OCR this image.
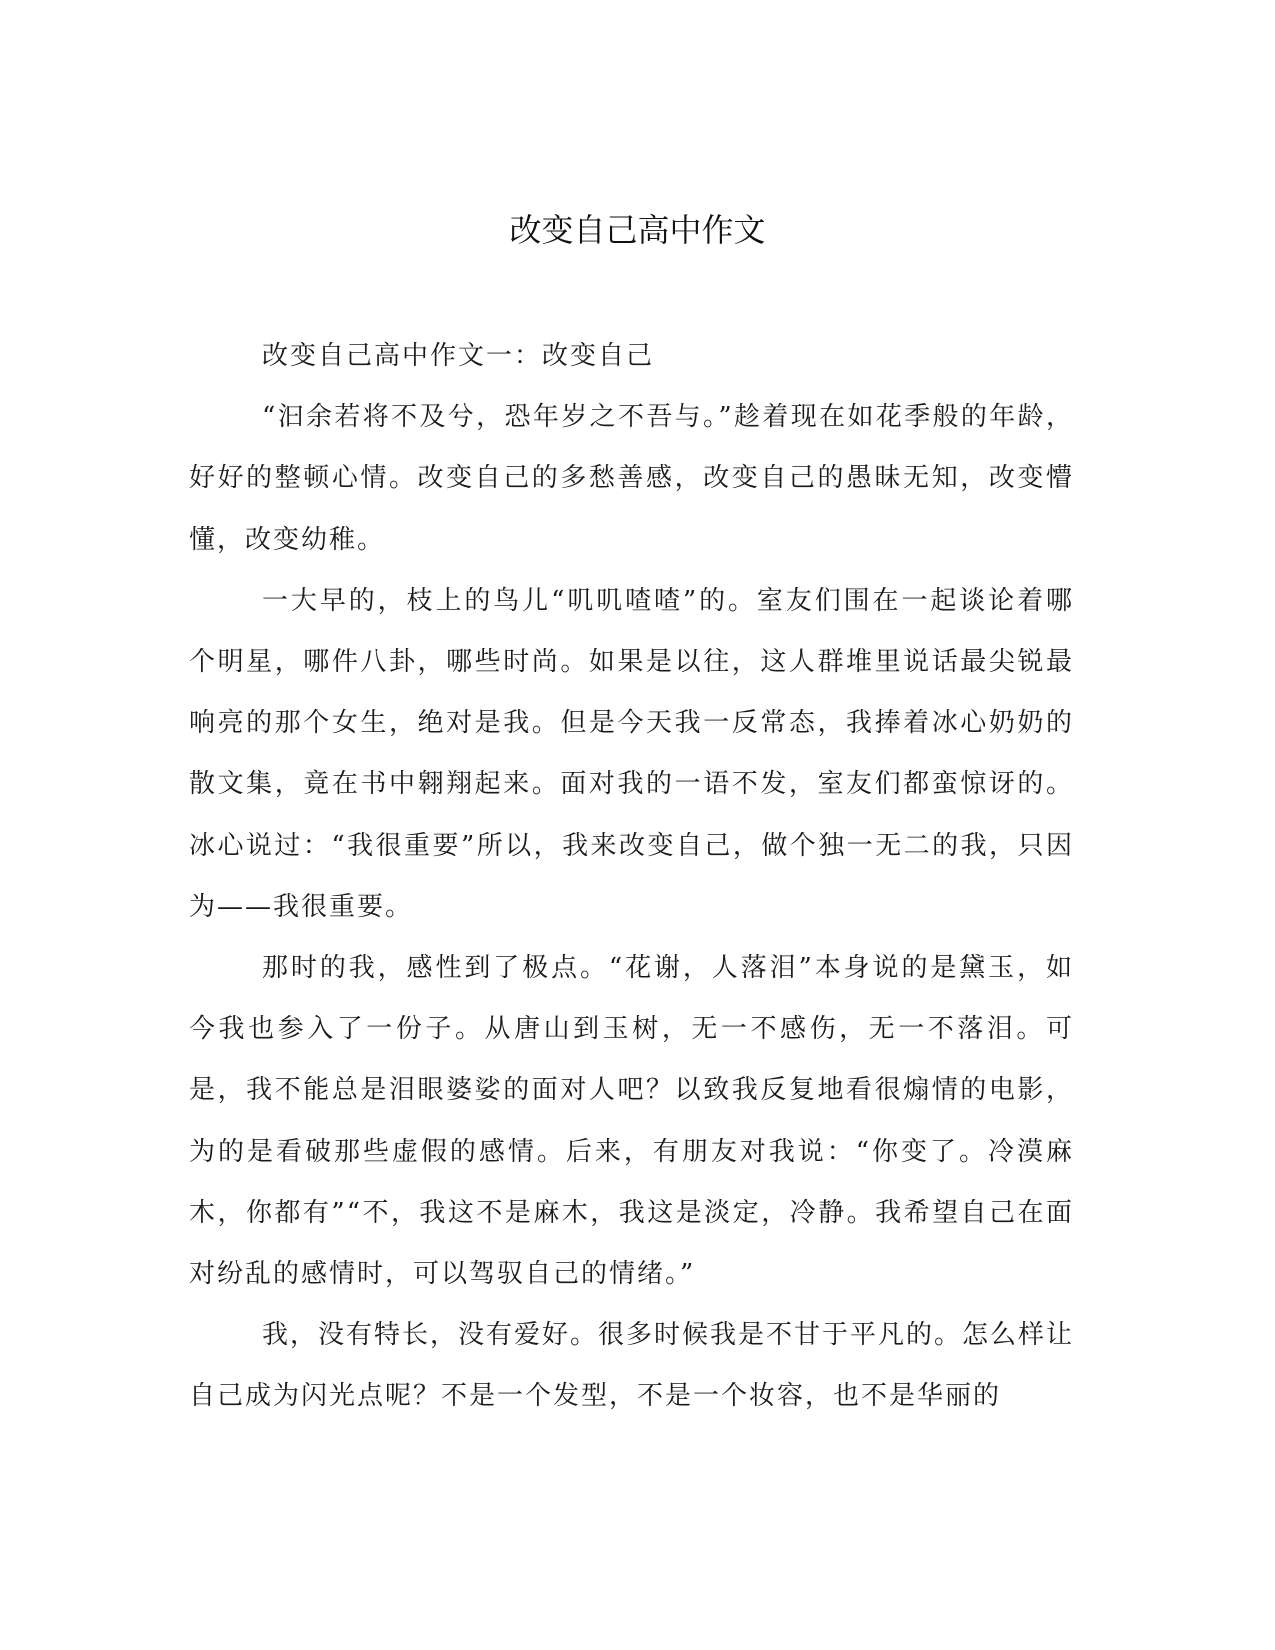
改变自己高中作文

改变自己高中作文一：改变自己

“汩余若将不及兮，恐年岁之不吾与。”趁着现在如花季般的年龄，好好的整顿心情。改变自己的多愁善感，改变自己的愚昧无知，改变懵懂，改变幼稚。

一大早的，枝上的鸟儿“叽叽喳喳”的。室友们围在一起谈论着哪个明星，哪件八卦，哪些时尚。如果是以往，这人群堆里说话最尖锐最响亮的那个女生，绝对是我。但是今天我一反常态，我捧着冰心奶奶的散文集，竟在书中翱翔起来。面对我的一语不发，室友们都蛮惊讶的。冰心说过：“我很重要”所以，我来改变自己，做个独一无二的我，只因为——我很重要。

那时的我，感性到了极点。“花谢，人落泪”本身说的是黛玉，如今我也参入了一份子。从唐山到玉树，无一不感伤，无一不落泪。可是，我不能总是泪眼婆娑的面对人吧？以致我反复地看很煽情的电影，为的是看破那些虚假的感情。后来，有朋友对我说：“你变了。冷漠麻木，你都有”“不，我这不是麻木，我这是淡定，冷静。我希望自己在面对纷乱的感情时，可以驾驭自己的情绪。”

我，没有特长，没有爱好。很多时候我是不甘于平凡的。怎么样让自己成为闪光点呢？不是一个发型，不是一个妆容，也不是华丽的
